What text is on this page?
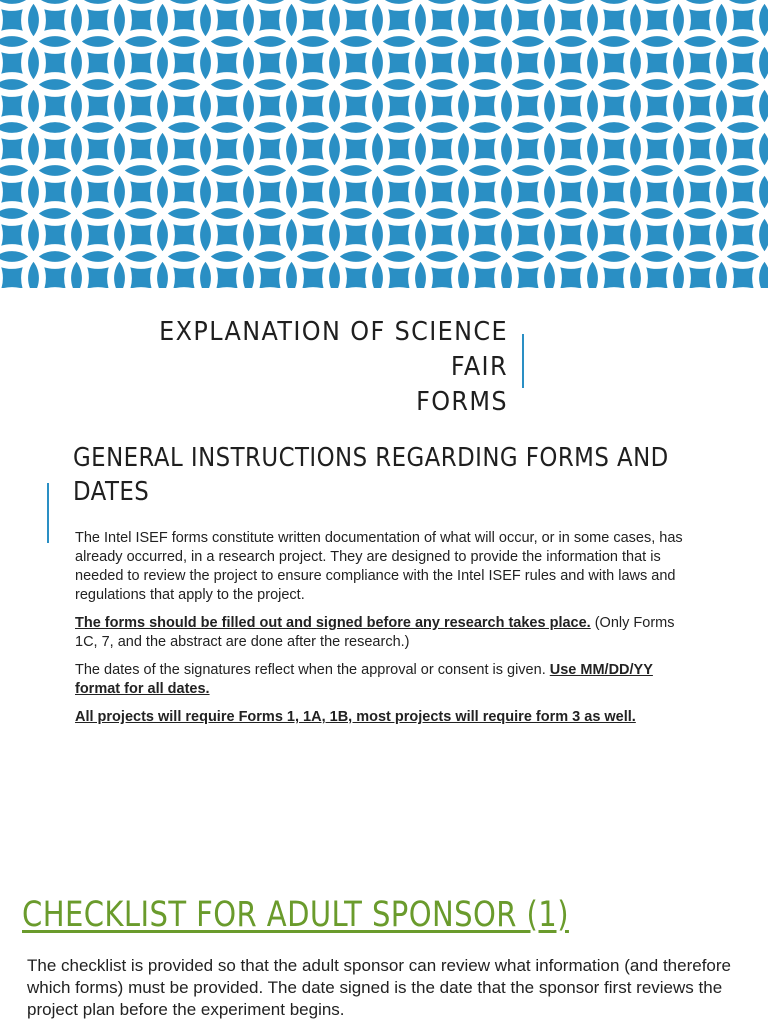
EXPLANATION OF SCIENCE FAIR
FORMS
GENERAL INSTRUCTIONS REGARDING FORMS AND
DATES

The Intel ISEF forms constitute written documentation of what will occur, or in some cases, has already occurred, in a research project. They are designed to provide the information that is needed to review the project to ensure compliance with the Intel ISEF rules and with laws and regulations that apply to the project.

The forms should be filled out and signed before any research takes place. (Only Forms 1C, 7, and the abstract are done after the research.)

The dates of the signatures reflect when the approval or consent is given. Use MM/DD/YY format for all dates.

All projects will require Forms 1, 1A, 1B, most projects will require form 3 as well.

CHECKLIST FOR ADULT SPONSOR (1)

The checklist is provided so that the adult sponsor can review what information (and therefore which forms) must be provided. The date signed is the date that the sponsor first reviews the project plan before the experiment begins.
